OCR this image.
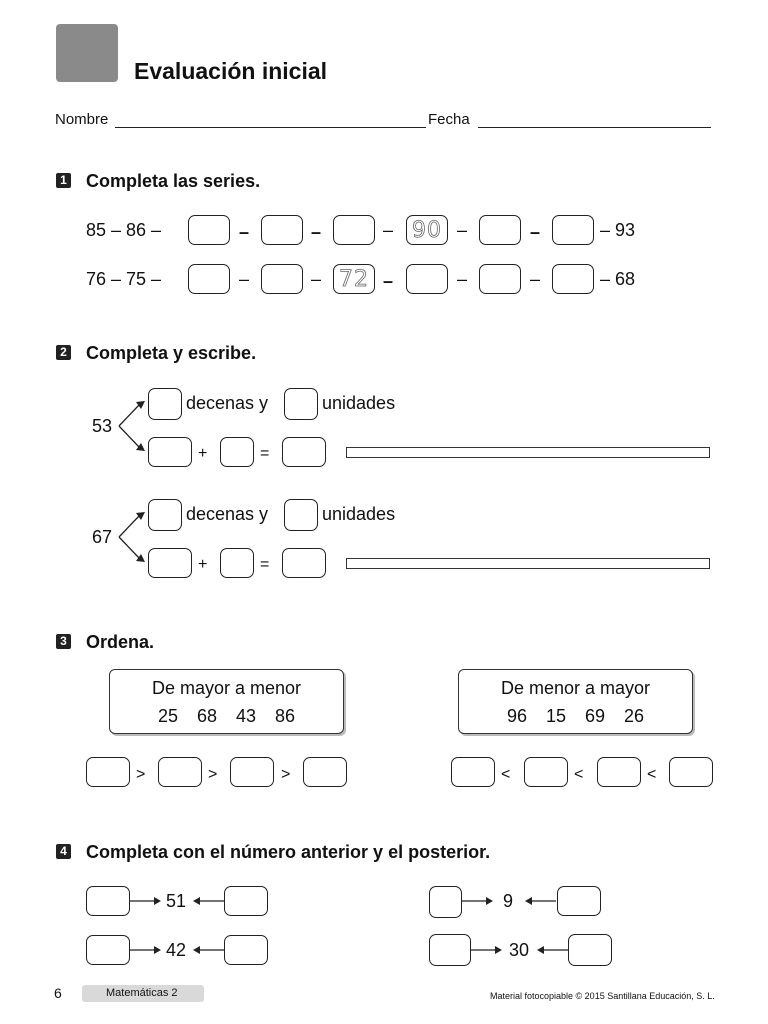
Evaluación inicial
Nombre	Fecha
1 Completa las series.
85 – 86 –	–	–	– 90 –	–	– 93
76 – 75 –	–	– 72 –	–	–	– 68
2 Completa y escribe.
53
decenas y	unidades
+	=
67
decenas y	unidades
+	=
3 Ordena.
De mayor a menor
25 68 43 86
De menor a mayor
96 15 69 26
>	>	>	<	<	<
4 Completa con el número anterior y el posterior.
51
42
9
30
6	Matemáticas 2	Material fotocopiable © 2015 Santillana Educación, S. L.
